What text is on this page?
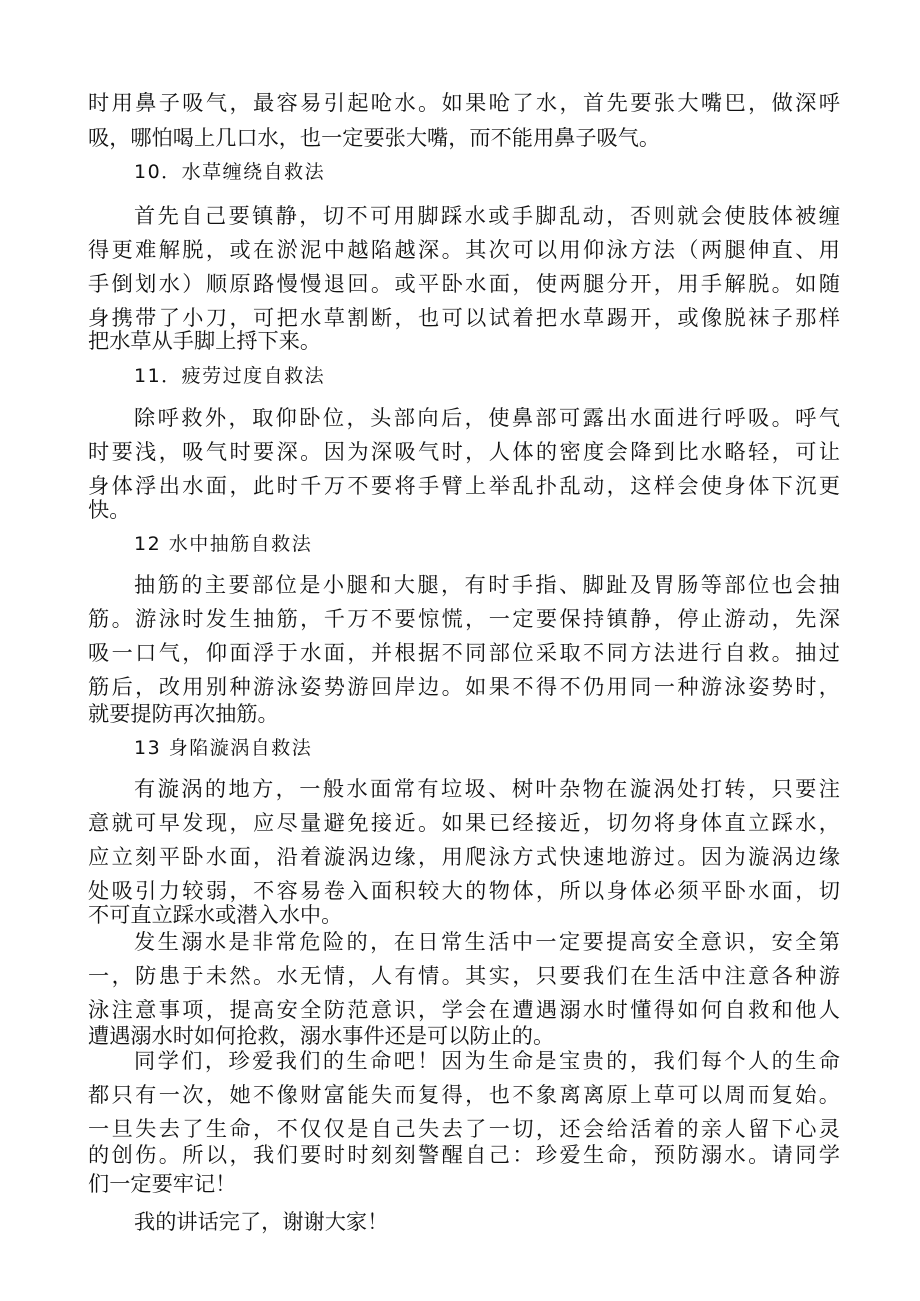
时用鼻子吸气，最容易引起呛水。如果呛了水，首先要张大嘴巴，做深呼
吸，哪怕喝上几口水，也一定要张大嘴，而不能用鼻子吸气。
10．水草缠绕自救法
首先自己要镇静，切不可用脚踩水或手脚乱动，否则就会使肢体被缠
得更难解脱，或在淤泥中越陷越深。其次可以用仰泳方法（两腿伸直、用
手倒划水）顺原路慢慢退回。或平卧水面，使两腿分开，用手解脱。如随
身携带了小刀，可把水草割断，也可以试着把水草踢开，或像脱袜子那样
把水草从手脚上捋下来。
11．疲劳过度自救法
除呼救外，取仰卧位，头部向后，使鼻部可露出水面进行呼吸。呼气
时要浅，吸气时要深。因为深吸气时，人体的密度会降到比水略轻，可让
身体浮出水面，此时千万不要将手臂上举乱扑乱动，这样会使身体下沉更
快。
12 水中抽筋自救法
抽筋的主要部位是小腿和大腿，有时手指、脚趾及胃肠等部位也会抽
筋。游泳时发生抽筋，千万不要惊慌，一定要保持镇静，停止游动，先深
吸一口气，仰面浮于水面，并根据不同部位采取不同方法进行自救。抽过
筋后，改用别种游泳姿势游回岸边。如果不得不仍用同一种游泳姿势时，
就要提防再次抽筋。
13 身陷漩涡自救法
有漩涡的地方，一般水面常有垃圾、树叶杂物在漩涡处打转，只要注
意就可早发现，应尽量避免接近。如果已经接近，切勿将身体直立踩水，
应立刻平卧水面，沿着漩涡边缘，用爬泳方式快速地游过。因为漩涡边缘
处吸引力较弱，不容易卷入面积较大的物体，所以身体必须平卧水面，切
不可直立踩水或潜入水中。
发生溺水是非常危险的，在日常生活中一定要提高安全意识，安全第
一，防患于未然。水无情，人有情。其实，只要我们在生活中注意各种游
泳注意事项，提高安全防范意识，学会在遭遇溺水时懂得如何自救和他人
遭遇溺水时如何抢救，溺水事件还是可以防止的。
同学们，珍爱我们的生命吧！因为生命是宝贵的，我们每个人的生命
都只有一次，她不像财富能失而复得，也不象离离原上草可以周而复始。
一旦失去了生命，不仅仅是自己失去了一切，还会给活着的亲人留下心灵
的创伤。所以，我们要时时刻刻警醒自己：珍爱生命，预防溺水。请同学
们一定要牢记！
我的讲话完了，谢谢大家！
